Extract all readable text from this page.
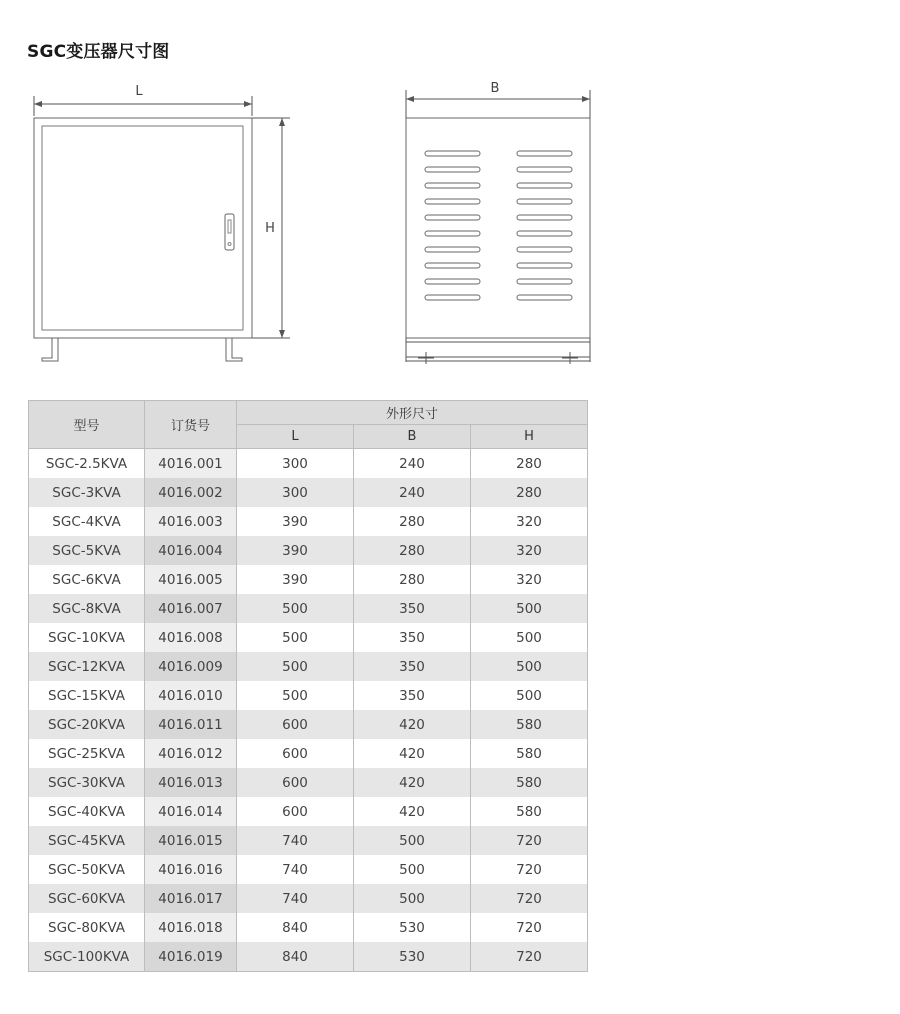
SGC变压器尺寸图
L
H
B
型号	订货号	外形尺寸		
		L	B	H
SGC-2.5KVA	4016.001	300	240	280
SGC-3KVA	4016.002	300	240	280
SGC-4KVA	4016.003	390	280	320
SGC-5KVA	4016.004	390	280	320
SGC-6KVA	4016.005	390	280	320
SGC-8KVA	4016.007	500	350	500
SGC-10KVA	4016.008	500	350	500
SGC-12KVA	4016.009	500	350	500
SGC-15KVA	4016.010	500	350	500
SGC-20KVA	4016.011	600	420	580
SGC-25KVA	4016.012	600	420	580
SGC-30KVA	4016.013	600	420	580
SGC-40KVA	4016.014	600	420	580
SGC-45KVA	4016.015	740	500	720
SGC-50KVA	4016.016	740	500	720
SGC-60KVA	4016.017	740	500	720
SGC-80KVA	4016.018	840	530	720
SGC-100KVA	4016.019	840	530	720
